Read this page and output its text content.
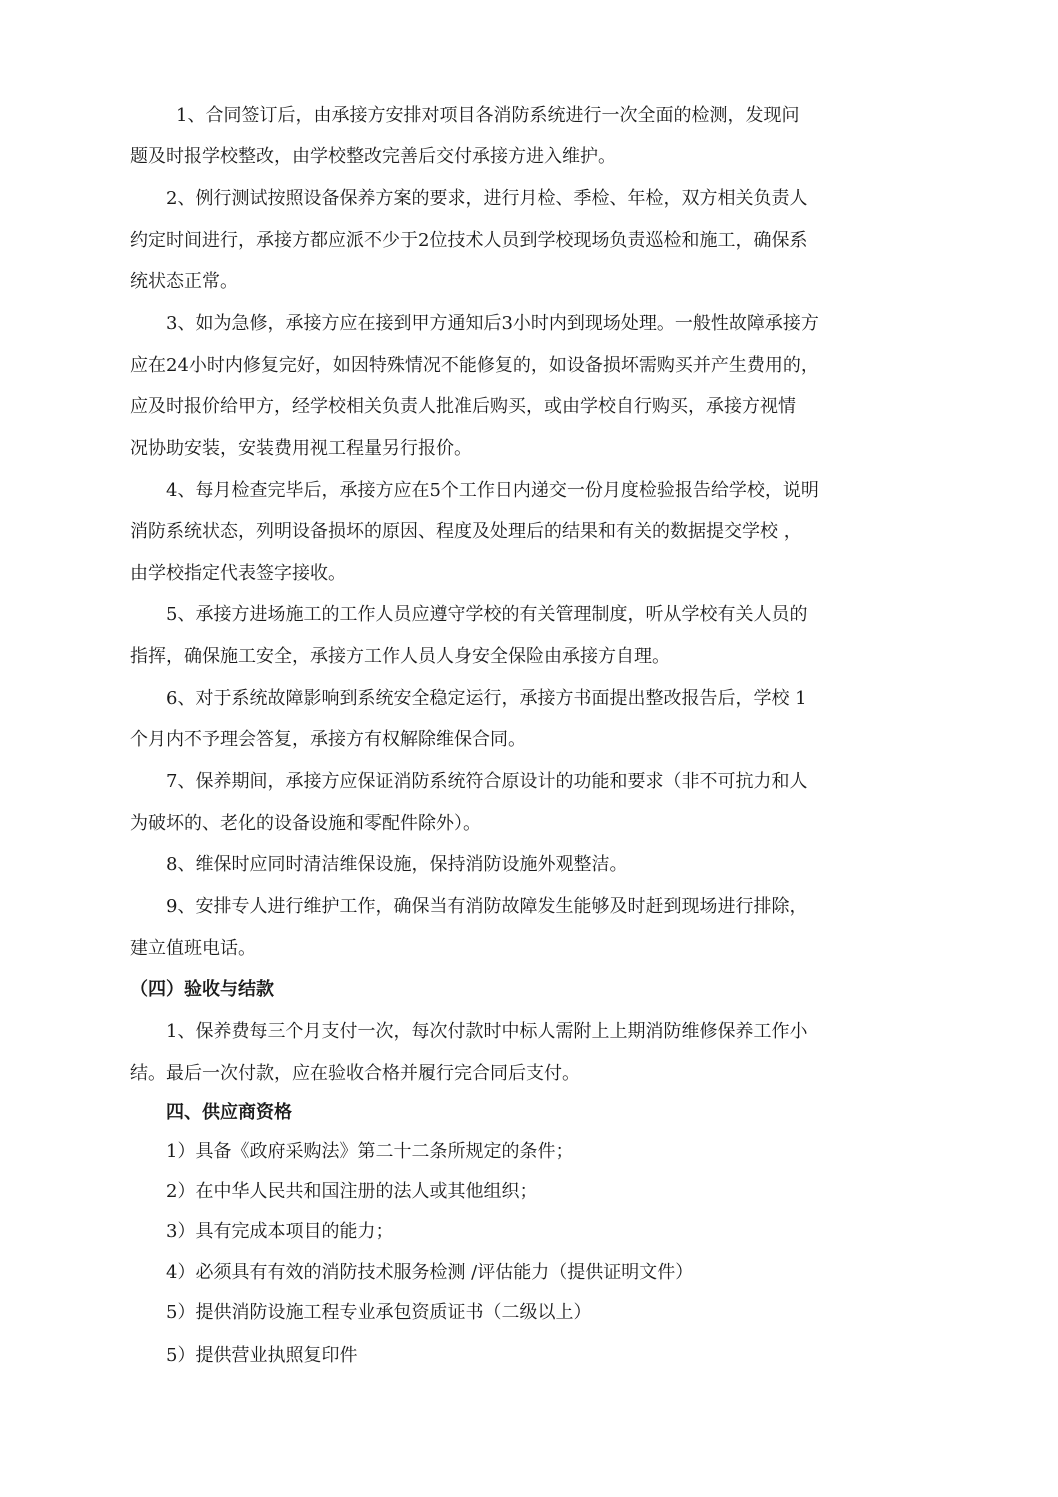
1、合同签订后，由承接方安排对项目各消防系统进行一次全面的检测，发现问

题及时报学校整改，由学校整改完善后交付承接方进入维护。

2、例行测试按照设备保养方案的要求，进行月检、季检、年检，双方相关负责人

约定时间进行，承接方都应派不少于2位技术人员到学校现场负责巡检和施工，确保系

统状态正常。

3、如为急修，承接方应在接到甲方通知后3小时内到现场处理。一般性故障承接方

应在24小时内修复完好，如因特殊情况不能修复的，如设备损坏需购买并产生费用的，

应及时报价给甲方，经学校相关负责人批准后购买，或由学校自行购买，承接方视情

况协助安装，安装费用视工程量另行报价。

4、每月检查完毕后，承接方应在5个工作日内递交一份月度检验报告给学校，说明

消防系统状态，列明设备损坏的原因、程度及处理后的结果和有关的数据提交学校 ，

由学校指定代表签字接收。

5、承接方进场施工的工作人员应遵守学校的有关管理制度，听从学校有关人员的

指挥，确保施工安全，承接方工作人员人身安全保险由承接方自理。

6、对于系统故障影响到系统安全稳定运行，承接方书面提出整改报告后，学校 1

个月内不予理会答复，承接方有权解除维保合同。

7、保养期间，承接方应保证消防系统符合原设计的功能和要求（非不可抗力和人

为破坏的、老化的设备设施和零配件除外）。

8、维保时应同时清洁维保设施，保持消防设施外观整洁。

9、安排专人进行维护工作，确保当有消防故障发生能够及时赶到现场进行排除，

建立值班电话。

（四）验收与结款

1、保养费每三个月支付一次，每次付款时中标人需附上上期消防维修保养工作小

结。最后一次付款，应在验收合格并履行完合同后支付。

四、供应商资格

1）具备《政府采购法》第二十二条所规定的条件；

2）在中华人民共和国注册的法人或其他组织；

3）具有完成本项目的能力；

4）必须具有有效的消防技术服务检测 /评估能力（提供证明文件）

5）提供消防设施工程专业承包资质证书（二级以上）

5）提供营业执照复印件
